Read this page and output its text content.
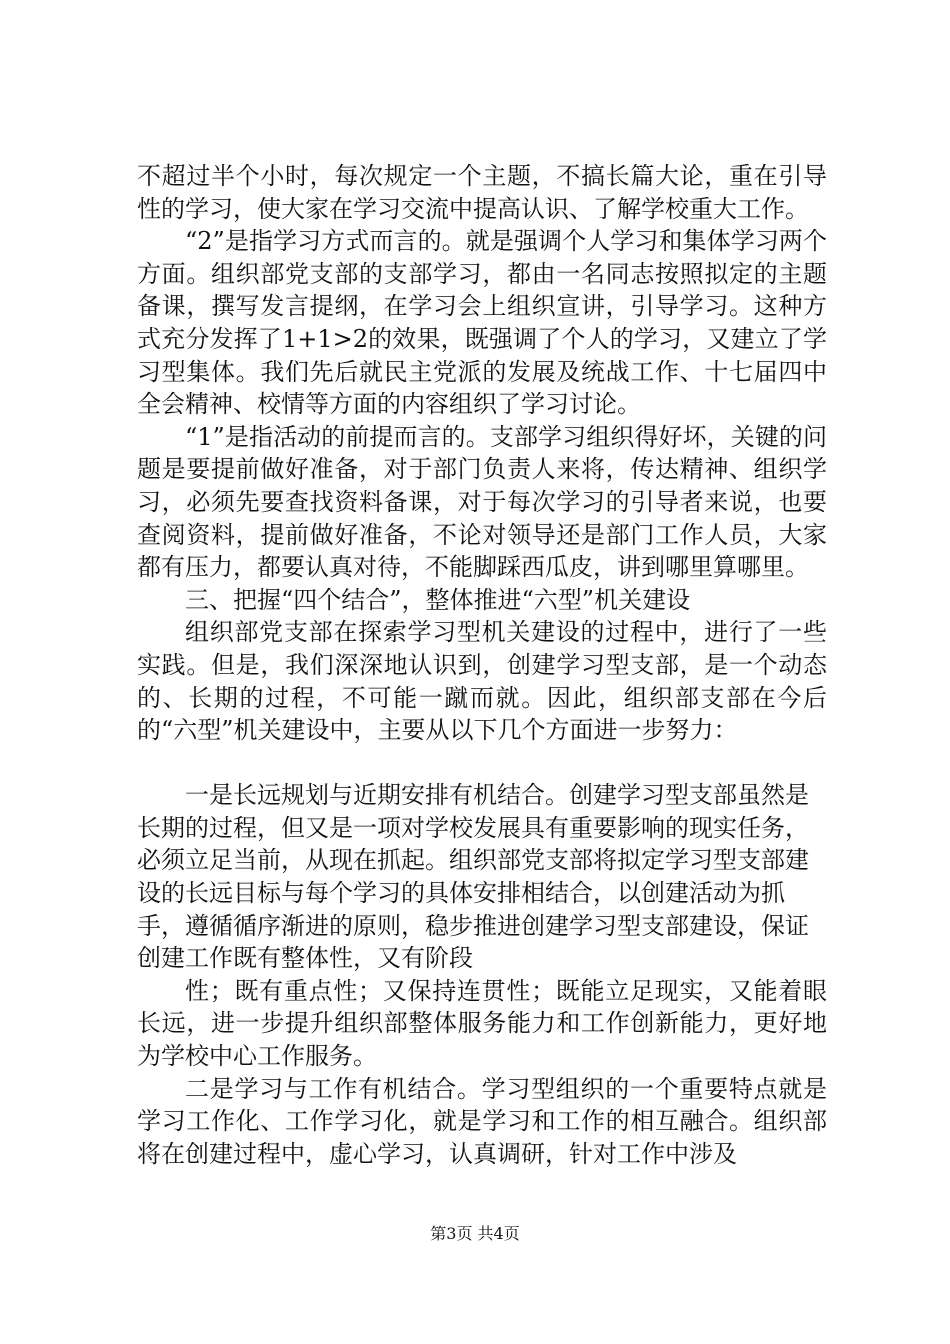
不超过半个小时，每次规定一个主题，不搞长篇大论，重在引导性的学习，使大家在学习交流中提高认识、了解学校重大工作。

“2”是指学习方式而言的。就是强调个人学习和集体学习两个方面。组织部党支部的支部学习，都由一名同志按照拟定的主题备课，撰写发言提纲，在学习会上组织宣讲，引导学习。这种方式充分发挥了1+1>2的效果，既强调了个人的学习，又建立了学习型集体。我们先后就民主党派的发展及统战工作、十七届四中全会精神、校情等方面的内容组织了学习讨论。

“1”是指活动的前提而言的。支部学习组织得好坏，关键的问题是要提前做好准备，对于部门负责人来将，传达精神、组织学习，必须先要查找资料备课，对于每次学习的引导者来说，也要查阅资料，提前做好准备，不论对领导还是部门工作人员，大家都有压力，都要认真对待，不能脚踩西瓜皮，讲到哪里算哪里。

三、把握“四个结合”，整体推进“六型”机关建设

组织部党支部在探索学习型机关建设的过程中，进行了一些实践。但是，我们深深地认识到，创建学习型支部，是一个动态的、长期的过程，不可能一蹴而就。因此，组织部支部在今后的“六型”机关建设中，主要从以下几个方面进一步努力：

一是长远规划与近期安排有机结合。创建学习型支部虽然是长期的过程，但又是一项对学校发展具有重要影响的现实任务，必须立足当前，从现在抓起。组织部党支部将拟定学习型支部建设的长远目标与每个学习的具体安排相结合，以创建活动为抓手，遵循循序渐进的原则，稳步推进创建学习型支部建设，保证创建工作既有整体性，又有阶段

性；既有重点性；又保持连贯性；既能立足现实，又能着眼长远，进一步提升组织部整体服务能力和工作创新能力，更好地为学校中心工作服务。

二是学习与工作有机结合。学习型组织的一个重要特点就是学习工作化、工作学习化，就是学习和工作的相互融合。组织部将在创建过程中，虚心学习，认真调研，针对工作中涉及

第3页 共4页
